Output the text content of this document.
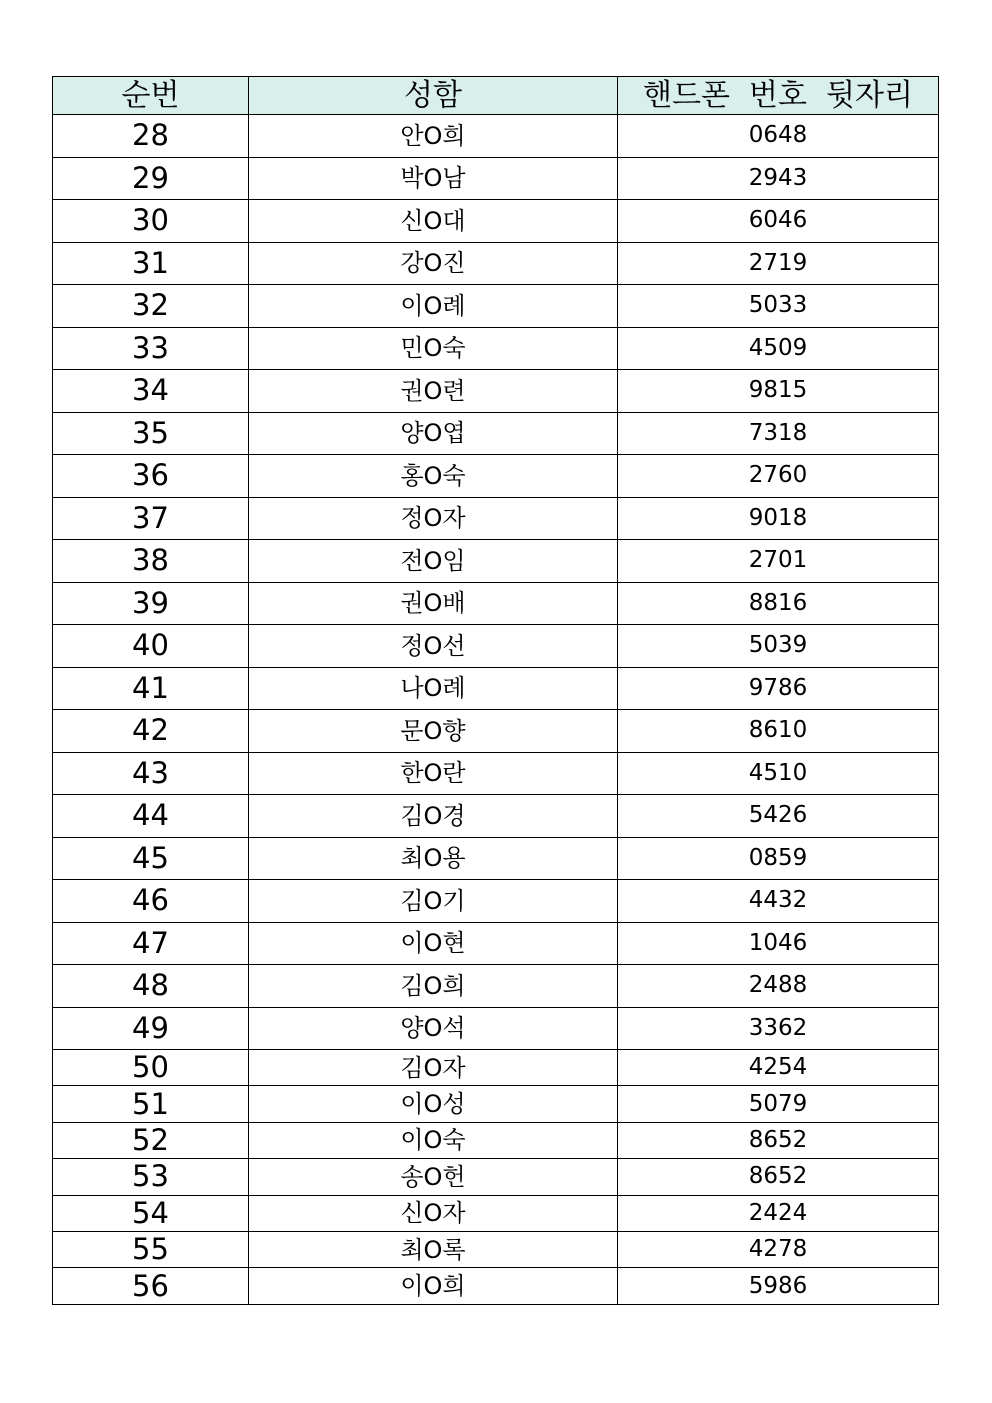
순번	성함	핸드폰  번호  뒷자리
28	안O희	0648
29	박O남	2943
30	신O대	6046
31	강O진	2719
32	이O례	5033
33	민O숙	4509
34	권O련	9815
35	양O엽	7318
36	홍O숙	2760
37	정O자	9018
38	전O임	2701
39	권O배	8816
40	정O선	5039
41	나O례	9786
42	문O향	8610
43	한O란	4510
44	김O경	5426
45	최O용	0859
46	김O기	4432
47	이O현	1046
48	김O희	2488
49	양O석	3362
50	김O자	4254
51	이O성	5079
52	이O숙	8652
53	송O헌	8652
54	신O자	2424
55	최O록	4278
56	이O희	5986
